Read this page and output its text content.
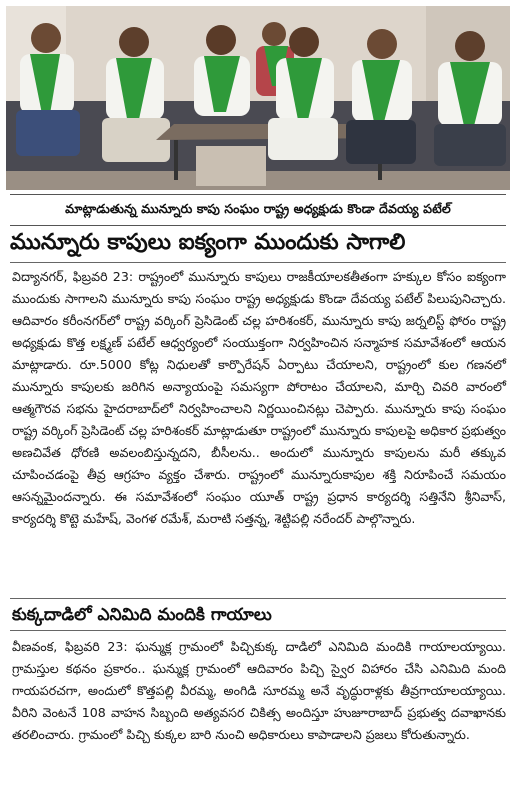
మాట్లాడుతున్న మున్నూరు కాపు సంఘం రాష్ట్ర అధ్యక్షుడు కొండా దేవయ్య పటేల్
మున్నూరు కాపులు ఐక్యంగా ముందుకు సాగాలి

విద్యానగర్, ఫిబ్రవరి 23: రాష్ట్రంలో మున్నూరు కాపులు రాజకీయాలకతీతంగా హక్కుల కోసం ఐక్యంగా ముందుకు సాగాలని మున్నూరు కాపు సంఘం రాష్ట్ర అధ్యక్షుడు కొండా దేవయ్య పటేల్ పిలుపునిచ్చారు. ఆదివారం కరీంనగర్‌లో రాష్ట్ర వర్కింగ్ ప్రెసిడెంట్ చల్ల హరిశంకర్, మున్నూరు కాపు జర్నలిస్ట్ ఫోరం రాష్ట్ర అధ్యక్షుడు కొత్త లక్ష్మణ్ పటేల్ ఆధ్వర్యంలో సంయుక్తంగా నిర్వహించిన సన్మాహక సమావేశంలో ఆయన మాట్లాడారు. రూ.5000 కోట్ల నిధులతో కార్పొరేషన్ ఏర్పాటు చేయాలని, రాష్ట్రంలో కుల గణనలో మున్నూరు కాపులకు జరిగిన అన్యాయంపై సమస్యగా పోరాటం చేయాలని, మార్చి చివరి వారంలో ఆత్మగౌరవ సభను హైదరాబాద్‌లో నిర్వహించాలని నిర్ణయించినట్లు చెప్పారు. మున్నూరు కాపు సంఘం రాష్ట్ర వర్కింగ్ ప్రెసిడెంట్ చల్ల హరిశంకర్ మాట్లాడుతూ రాష్ట్రంలో మున్నూరు కాపులపై అధికార ప్రభుత్వం అణచివేత ధోరణి అవలంబిస్తున్నదని, బీసీలను.. అందులో మున్నూరు కాపులను మరీ తక్కువ చూపించడంపై తీవ్ర ఆగ్రహం వ్యక్తం చేశారు. రాష్ట్రంలో మున్నూరుకాపుల శక్తి నిరూపించే సమయం ఆసన్నమైందన్నారు. ఈ సమావేశంలో సంఘం యూత్ రాష్ట్ర ప్రధాన కార్యదర్శి సత్తినేని శ్రీనివాస్, కార్యదర్శి కొట్టె మహేష్, వెంగళ రమేశ్, మరాటి సత్తన్న, శెట్టిపల్లి నరేందర్ పాల్గొన్నారు.

కుక్కదాడిలో ఎనిమిది మందికి గాయాలు

వీణవంక, ఫిబ్రవరి 23: ఘన్ముక్ల గ్రామంలో పిచ్చికుక్క దాడిలో ఎనిమిది మందికి గాయాలయ్యాయి. గ్రామస్తుల కథనం ప్రకారం.. ఘన్ముక్ల గ్రామంలో ఆదివారం పిచ్చి స్వైర విహారం చేసి ఎనిమిది మంది గాయపరచగా, అందులో కొత్తపల్లి వీరమ్మ, అంగిడి సూరమ్మ అనే వృద్ధురాళ్లకు తీవ్రగాయాలయ్యాయి. వీరిని వెంటనే 108 వాహన సిబ్బంది అత్యవసర చికిత్స అందిస్తూ హుజూరాబాద్ ప్రభుత్వ దవాఖానకు తరలించారు. గ్రామంలో పిచ్చి కుక్కల బారి నుంచి అధికారులు కాపాడాలని ప్రజలు కోరుతున్నారు.
